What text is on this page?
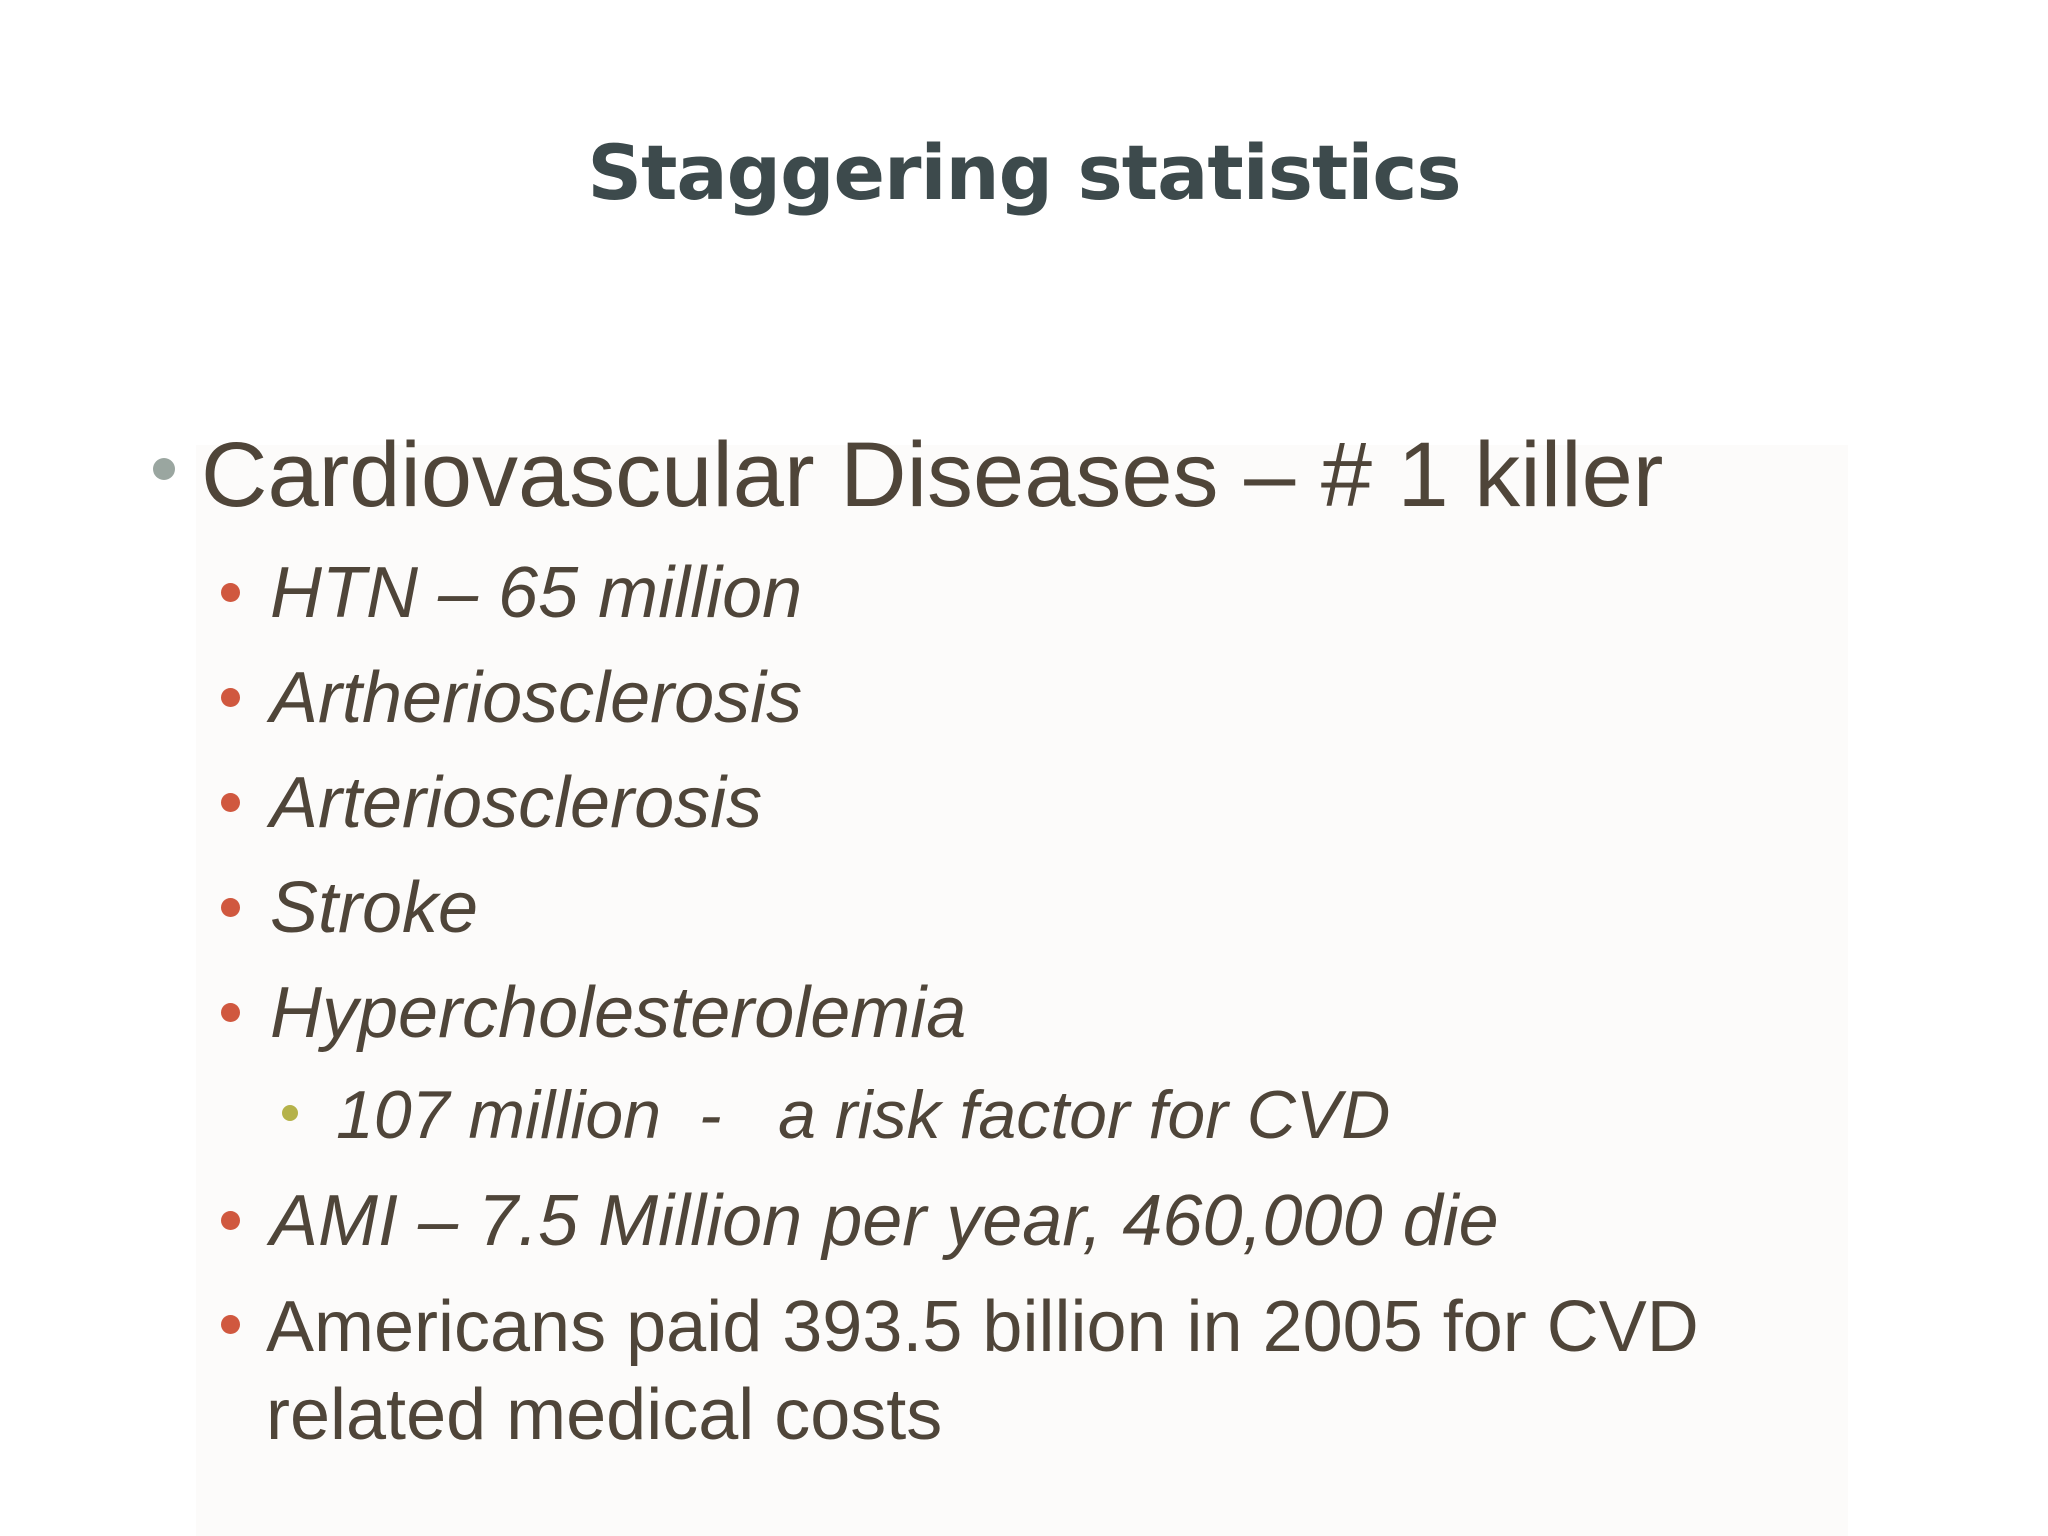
Staggering statistics
Cardiovascular Diseases – # 1 killer
HTN – 65 million
Artheriosclerosis
Arteriosclerosis
Stroke
Hypercholesterolemia
107 million  -   a risk factor for CVD
AMI – 7.5 Million per year, 460,000 die
Americans paid 393.5 billion in 2005 for CVD related medical costs
